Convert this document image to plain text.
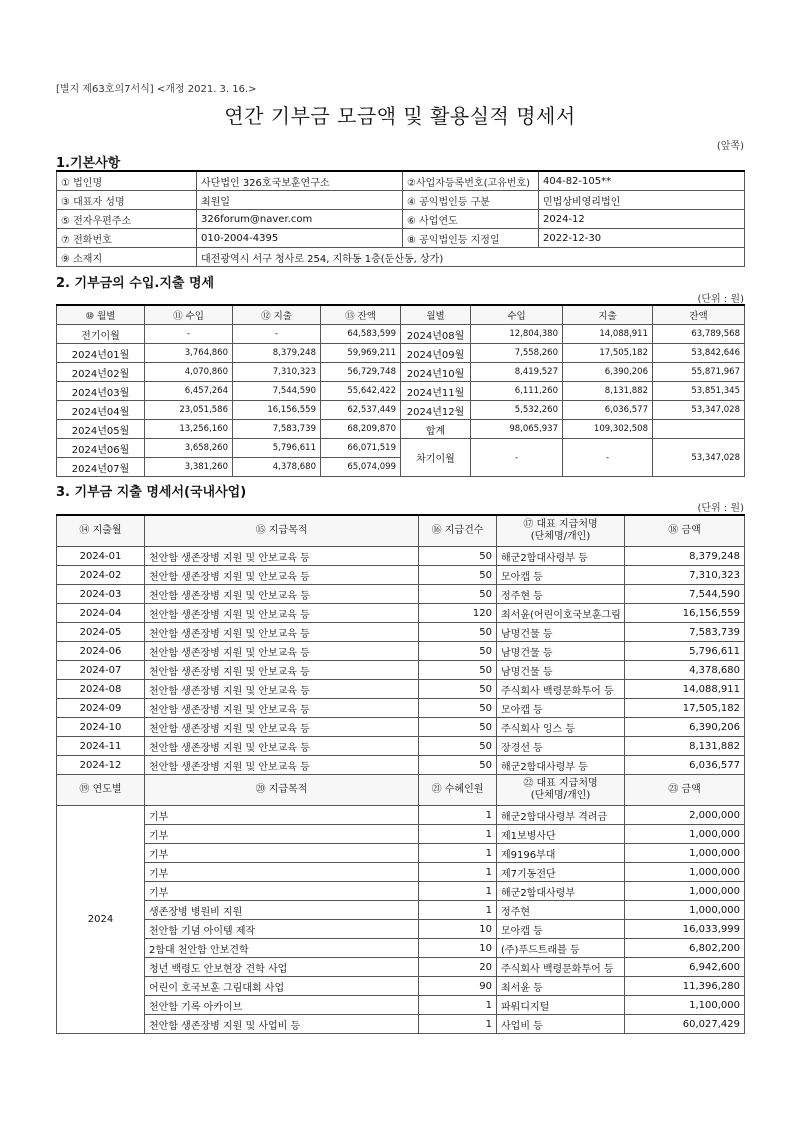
[별지 제63호의7서식] <개정 2021. 3. 16.>
연간 기부금 모금액 및 활용실적 명세서
(앞쪽)
1.기본사항
① 법인명	사단법인 326호국보훈연구소	②사업자등록번호(고유번호)	404-82-105**
③ 대표자 성명	최원일	④ 공익법인등 구분	민법상비영리법인
⑤ 전자우편주소	326forum@naver.com	⑥ 사업연도	2024-12
⑦ 전화번호	010-2004-4395	⑧ 공익법인등 지정일	2022-12-30
⑨ 소재지	대전광역시 서구 청사로 254, 지하동 1층(둔산동, 상가)		
2. 기부금의 수입.지출 명세
(단위 : 원)
⑩ 월별	⑪ 수입	⑫ 지출	⑬ 잔액	월별	수입	지출	잔액
전기이월	-	-	64,583,599	2024년08월	12,804,380	14,088,911	63,789,568
2024년01월	3,764,860	8,379,248	59,969,211	2024년09월	7,558,260	17,505,182	53,842,646
2024년02월	4,070,860	7,310,323	56,729,748	2024년10월	8,419,527	6,390,206	55,871,967
2024년03월	6,457,264	7,544,590	55,642,422	2024년11월	6,111,260	8,131,882	53,851,345
2024년04월	23,051,586	16,156,559	62,537,449	2024년12월	5,532,260	6,036,577	53,347,028
2024년05월	13,256,160	7,583,739	68,209,870	합계	98,065,937	109,302,508	
2024년06월	3,658,260	5,796,611	66,071,519	차기이월	-	-	53,347,028
2024년07월	3,381,260	4,378,680	65,074,099				
3. 기부금 지출 명세서(국내사업)
(단위 : 원)
⑭ 지출월	⑮ 지급목적	⑯ 지급건수	⑰ 대표 지급처명
(단체명/개인)	⑱ 금액
2024-01	천안함 생존장병 지원 및 안보교육 등	50	해군2함대사령부 등	8,379,248
2024-02	천안함 생존장병 지원 및 안보교육 등	50	모아캡 등	7,310,323
2024-03	천안함 생존장병 지원 및 안보교육 등	50	정주현 등	7,544,590
2024-04	천안함 생존장병 지원 및 안보교육 등	120	최서윤(어린이호국보훈그림	16,156,559
2024-05	천안함 생존장병 지원 및 안보교육 등	50	남명건물 등	7,583,739
2024-06	천안함 생존장병 지원 및 안보교육 등	50	남명건물 등	5,796,611
2024-07	천안함 생존장병 지원 및 안보교육 등	50	남명건물 등	4,378,680
2024-08	천안함 생존장병 지원 및 안보교육 등	50	주식회사 백령문화투어 등	14,088,911
2024-09	천안함 생존장병 지원 및 안보교육 등	50	모아캡 등	17,505,182
2024-10	천안함 생존장병 지원 및 안보교육 등	50	주식회사 잉스 등	6,390,206
2024-11	천안함 생존장병 지원 및 안보교육 등	50	장경선 등	8,131,882
2024-12	천안함 생존장병 지원 및 안보교육 등	50	해군2함대사령부 등	6,036,577
⑲ 연도별	⑳ 지급목적	㉑ 수혜인원	㉒ 대표 지급처명
(단체명/개인)	㉓ 금액
2024	기부	1	해군2함대사령부 격려금	2,000,000
	기부	1	제1보병사단	1,000,000
	기부	1	제9196부대	1,000,000
	기부	1	제7기동전단	1,000,000
	기부	1	해군2함대사령부	1,000,000
	생존장병 병원비 지원	1	정주현	1,000,000
	천안함 기념 아이템 제작	10	모아캡 등	16,033,999
	2함대 천안함 안보견학	10	(주)푸드트래블 등	6,802,200
	청년 백령도 안보현장 견학 사업	20	주식회사 백령문화투어 등	6,942,600
	어린이 호국보훈 그림대회 사업	90	최서윤 등	11,396,280
	천안함 기록 아카이브	1	파워디지털	1,100,000
	천안함 생존장병 지원 및 사업비 등	1	사업비 등	60,027,429
